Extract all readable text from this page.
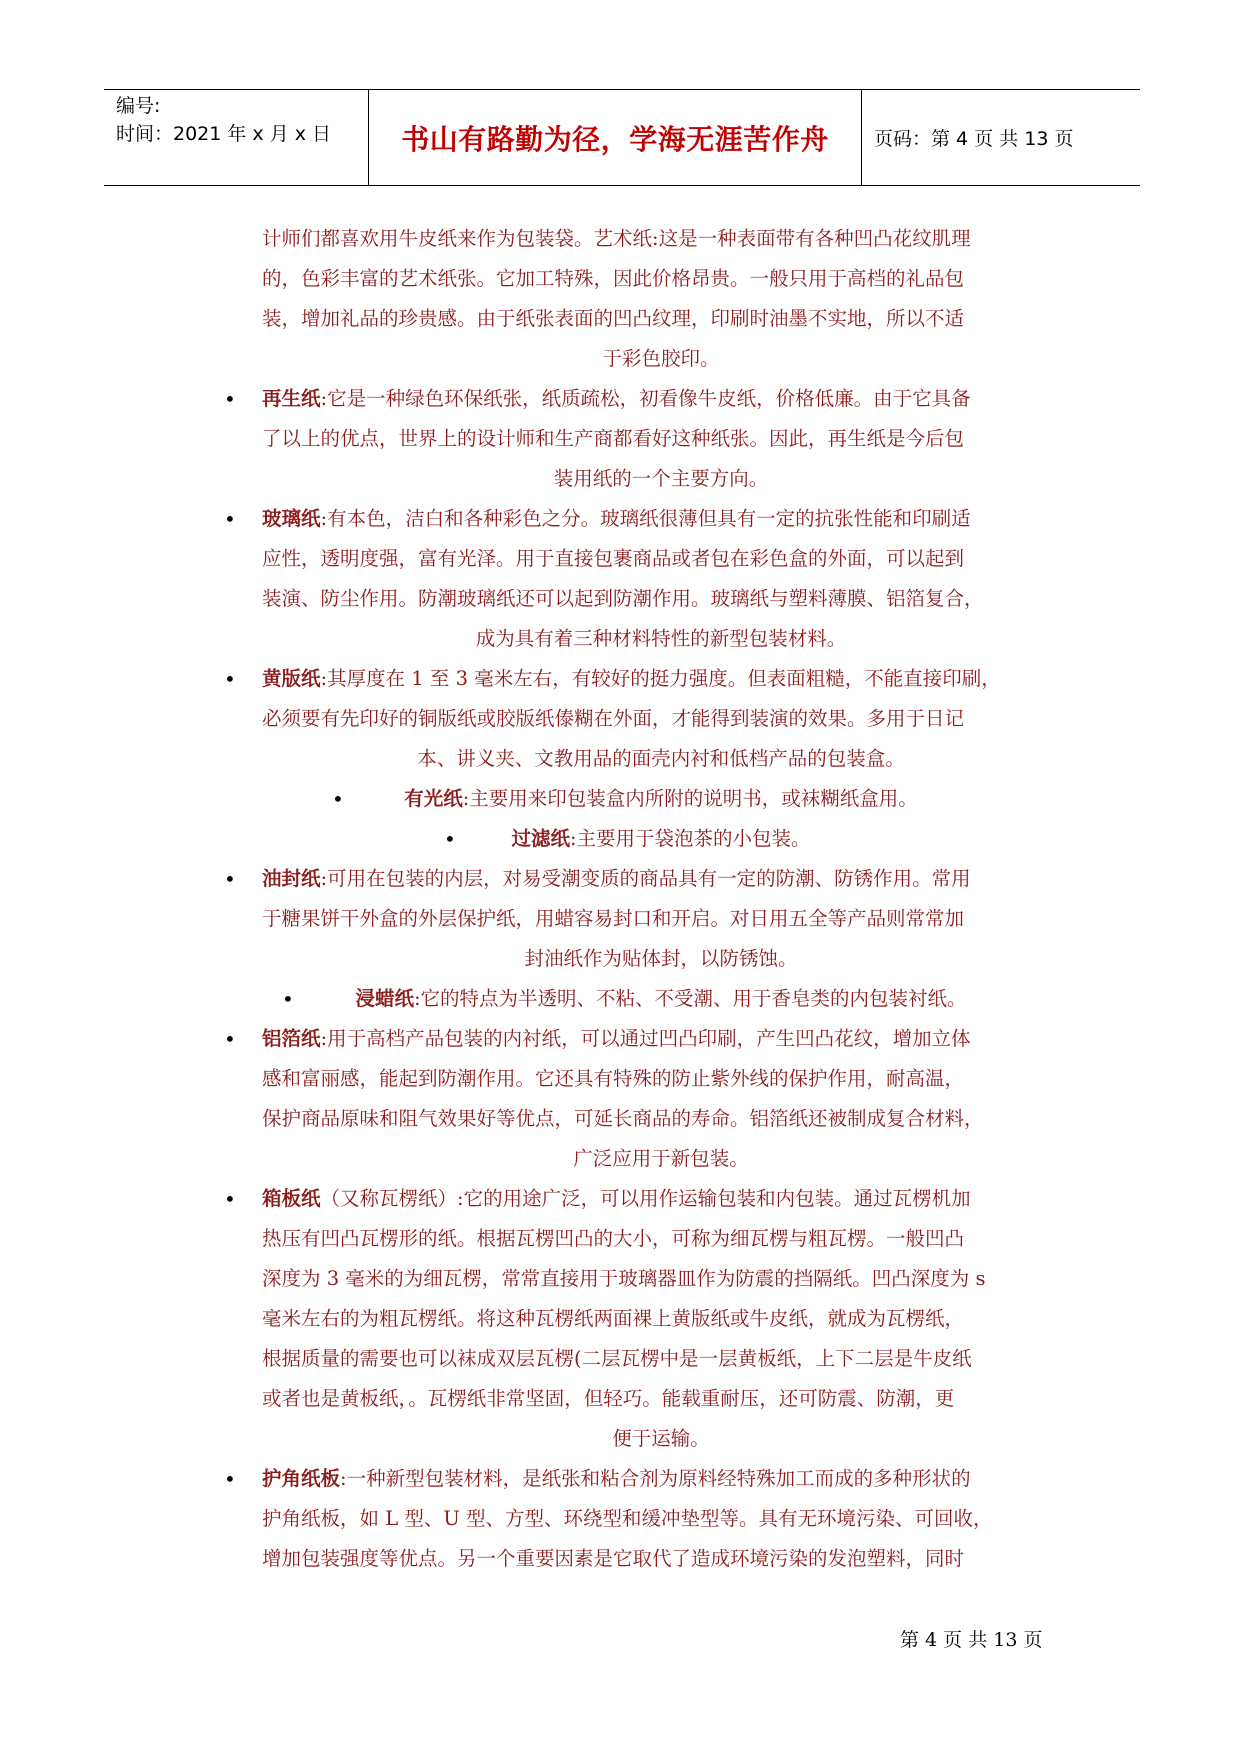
编号:
时间：2021 年 x 月 x 日	书山有路勤为径，学海无涯苦作舟 页码：第 4 页 共 13 页

计师们都喜欢用牛皮纸来作为包装袋。艺术纸:这是一种表面带有各种凹凸花纹肌理

的，色彩丰富的艺术纸张。它加工特殊，因此价格昂贵。一般只用于高档的礼品包

装，增加礼品的珍贵感。由于纸张表面的凹凸纹理，印刷时油墨不实地，所以不适

于彩色胶印。

• 再生纸:它是一种绿色环保纸张，纸质疏松，初看像牛皮纸，价格低廉。由于它具备

了以上的优点，世界上的设计师和生产商都看好这种纸张。因此，再生纸是今后包

装用纸的一个主要方向。

• 玻璃纸:有本色，洁白和各种彩色之分。玻璃纸很薄但具有一定的抗张性能和印刷适

应性，透明度强，富有光泽。用于直接包裹商品或者包在彩色盒的外面，可以起到

装演、防尘作用。防潮玻璃纸还可以起到防潮作用。玻璃纸与塑料薄膜、铝箔复合，

成为具有着三种材料特性的新型包装材料。

• 黄版纸:其厚度在 1 至 3 毫米左右，有较好的挺力强度。但表面粗糙，不能直接印刷，

必须要有先印好的铜版纸或胶版纸傣糊在外面，才能得到装演的效果。多用于日记

本、讲义夹、文教用品的面壳内衬和低档产品的包装盒。

• 有光纸:主要用来印包装盒内所附的说明书，或袜糊纸盒用。

• 过滤纸:主要用于袋泡茶的小包装。

• 油封纸:可用在包装的内层，对易受潮变质的商品具有一定的防潮、防锈作用。常用

于糖果饼干外盒的外层保护纸，用蜡容易封口和开启。对日用五全等产品则常常加

封油纸作为贴体封，以防锈蚀。

• 浸蜡纸:它的特点为半透明、不粘、不受潮、用于香皂类的内包装衬纸。

• 铝箔纸:用于高档产品包装的内衬纸，可以通过凹凸印刷，产生凹凸花纹，增加立体

感和富丽感，能起到防潮作用。它还具有特殊的防止紫外线的保护作用，耐高温，

保护商品原味和阻气效果好等优点，可延长商品的寿命。铝箔纸还被制成复合材料，

广泛应用于新包装。

• 箱板纸（又称瓦楞纸）:它的用途广泛，可以用作运输包装和内包装。通过瓦楞机加

热压有凹凸瓦楞形的纸。根据瓦楞凹凸的大小，可称为细瓦楞与粗瓦楞。一般凹凸

深度为 3 毫米的为细瓦楞，常常直接用于玻璃器皿作为防震的挡隔纸。凹凸深度为 s

毫米左右的为粗瓦楞纸。将这种瓦楞纸两面裸上黄版纸或牛皮纸，就成为瓦楞纸，

根据质量的需要也可以袜成双层瓦楞(二层瓦楞中是一层黄板纸，上下二层是牛皮纸

或者也是黄板纸，。瓦楞纸非常坚固，但轻巧。能载重耐压，还可防震、防潮，更

便于运输。

• 护角纸板:一种新型包装材料，是纸张和粘合剂为原料经特殊加工而成的多种形状的

护角纸板，如 L 型、U 型、方型、环绕型和缓冲垫型等。具有无环境污染、可回收，

增加包装强度等优点。另一个重要因素是它取代了造成环境污染的发泡塑料，同时

第 4 页 共 13 页
